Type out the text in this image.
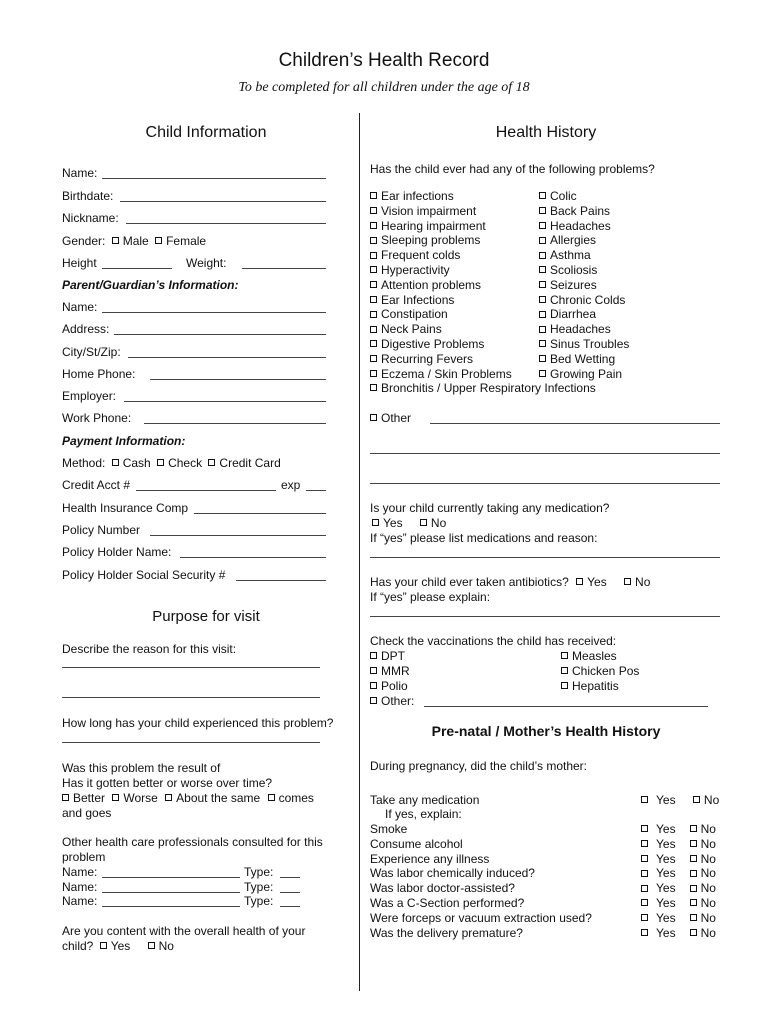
Children’s Health Record
To be completed for all children under the age of 18
Child Information
Name:
Birthdate:
Nickname:
Gender: Male Female
Height	Weight:
Parent/Guardian’s Information:
Name:
Address:
City/St/Zip:
Home Phone:
Employer:
Work Phone:
Payment Information:
Method: Cash Check Credit Card
Credit Acct #	exp
Health Insurance Comp
Policy Number
Policy Holder Name:
Policy Holder Social Security #
Purpose for visit
Describe the reason for this visit:
How long has your child experienced this problem?
Was this problem the result of
Has it gotten better or worse over time?
Better Worse About the same comes
and goes
Other health care professionals consulted for this
problem
Name:	Type:
Name:	Type:
Name:	Type:
Are you content with the overall health of your
child? Yes No
Health History
Has the child ever had any of the following problems?
Ear infections
Vision impairment
Hearing impairment
Sleeping problems
Frequent colds
Hyperactivity
Attention problems
Ear Infections
Constipation
Neck Pains
Digestive Problems
Recurring Fevers
Eczema / Skin Problems
Colic
Back Pains
Headaches
Allergies
Asthma
Scoliosis
Seizures
Chronic Colds
Diarrhea
Headaches
Sinus Troubles
Bed Wetting
Growing Pain
Bronchitis / Upper Respiratory Infections
Other
Is your child currently taking any medication?
Yes No
If “yes” please list medications and reason:
Has your child ever taken antibiotics? Yes No
If “yes” please explain:
Check the vaccinations the child has received:
DPT
MMR
Polio
Measles
Chicken Pos
Hepatitis
Other:
Pre-natal / Mother’s Health History
During pregnancy, did the child’s mother:
Take any medication	Yes No
If yes, explain:
Smoke	Yes No
Consume alcohol	Yes No
Experience any illness	Yes No
Was labor chemically induced?	Yes No
Was labor doctor-assisted?	Yes No
Was a C-Section performed?	Yes No
Were forceps or vacuum extraction used?	Yes No
Was the delivery premature?	Yes No
